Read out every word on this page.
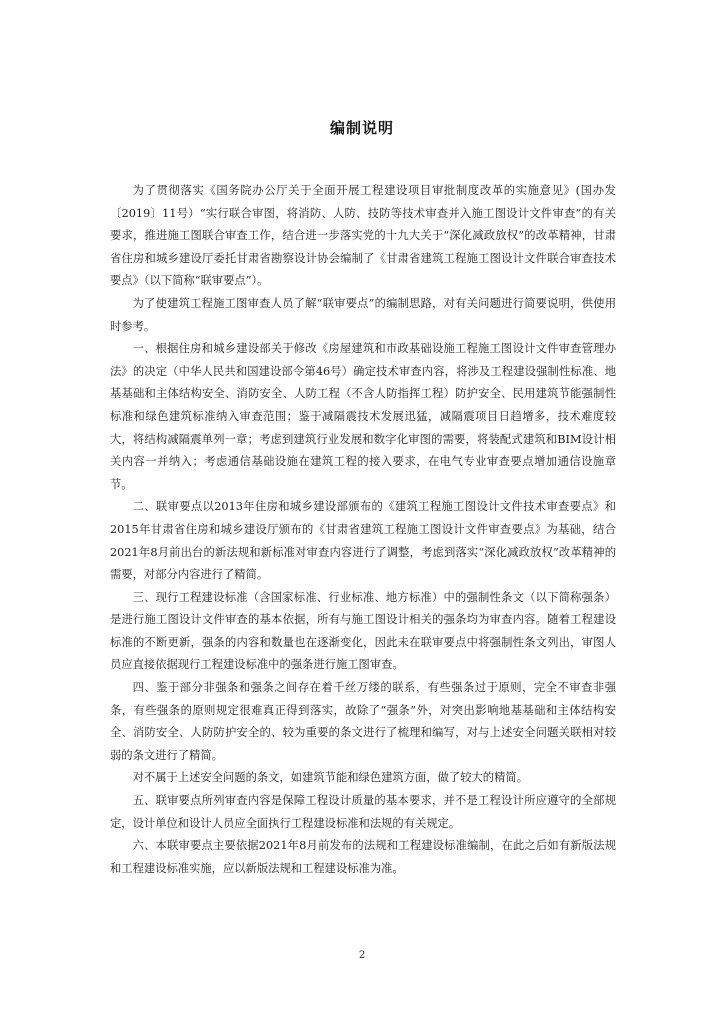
编制说明

为了贯彻落实《国务院办公厅关于全面开展工程建设项目审批制度改革的实施意见》(国办发〔2019〕11号）“实行联合审图，将消防、人防、技防等技术审查并入施工图设计文件审查”的有关要求，推进施工图联合审查工作，结合进一步落实党的十九大关于“深化减政放权”的改革精神，甘肃省住房和城乡建设厅委托甘肃省勘察设计协会编制了《甘肃省建筑工程施工图设计文件联合审查技术要点》（以下简称“联审要点”）。

为了使建筑工程施工图审查人员了解“联审要点”的编制思路，对有关问题进行简要说明，供使用时参考。

一、根据住房和城乡建设部关于修改《房屋建筑和市政基础设施工程施工图设计文件审查管理办法》的决定（中华人民共和国建设部令第46号）确定技术审查内容，将涉及工程建设强制性标准、地基基础和主体结构安全、消防安全、人防工程（不含人防指挥工程）防护安全、民用建筑节能强制性标准和绿色建筑标准纳入审查范围；鉴于减隔震技术发展迅猛，减隔震项目日趋增多，技术难度较大，将结构减隔震单列一章；考虑到建筑行业发展和数字化审图的需要，将装配式建筑和BIM设计相关内容一并纳入；考虑通信基础设施在建筑工程的接入要求，在电气专业审查要点增加通信设施章节。

二、联审要点以2013年住房和城乡建设部颁布的《建筑工程施工图设计文件技术审查要点》和2015年甘肃省住房和城乡建设厅颁布的《甘肃省建筑工程施工图设计文件审查要点》为基础，结合2021年8月前出台的新法规和新标准对审查内容进行了调整，考虑到落实“深化减政放权”改革精神的需要，对部分内容进行了精简。

三、现行工程建设标准（含国家标准、行业标准、地方标准）中的强制性条文（以下简称强条）是进行施工图设计文件审查的基本依据，所有与施工图设计相关的强条均为审查内容。随着工程建设标准的不断更新，强条的内容和数量也在逐渐变化，因此未在联审要点中将强制性条文列出，审图人员应直接依据现行工程建设标准中的强条进行施工图审查。

四、鉴于部分非强条和强条之间存在着千丝万缕的联系，有些强条过于原则，完全不审查非强条，有些强条的原则规定很难真正得到落实，故除了“强条”外，对突出影响地基基础和主体结构安全、消防安全、人防防护安全的、较为重要的条文进行了梳理和编写，对与上述安全问题关联相对较弱的条文进行了精简。

对不属于上述安全问题的条文，如建筑节能和绿色建筑方面，做了较大的精简。

五、联审要点所列审查内容是保障工程设计质量的基本要求，并不是工程设计所应遵守的全部规定，设计单位和设计人员应全面执行工程建设标准和法规的有关规定。

六、本联审要点主要依据2021年8月前发布的法规和工程建设标准编制，在此之后如有新版法规和工程建设标准实施，应以新版法规和工程建设标准为准。

2
